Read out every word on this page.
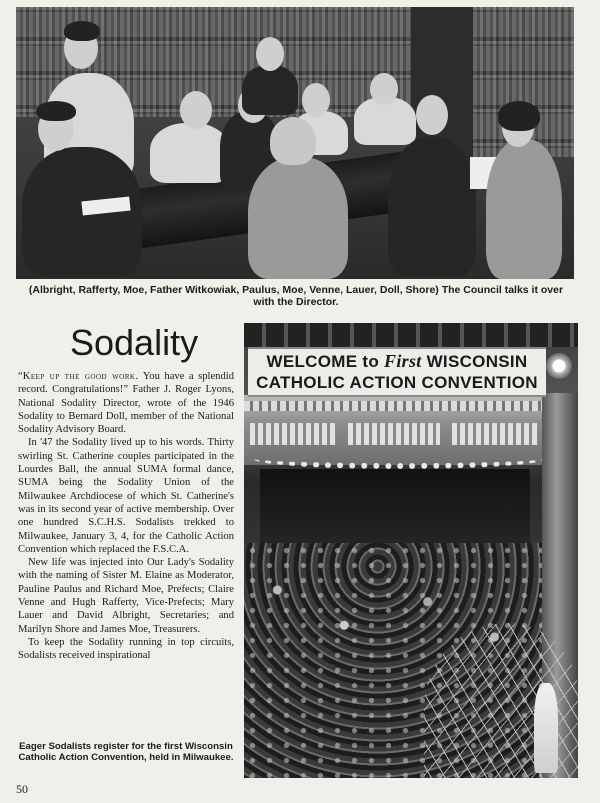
(Albright, Rafferty, Moe, Father Witkowiak, Paulus, Moe, Venne, Lauer, Doll, Shore) The Council talks it over with the Director.
Sodality

“Keep up the good work. You have a splendid record. Congratulations!” Father J. Roger Lyons, National Sodality Director, wrote of the 1946 Sodality to Bernard Doll, member of the National Sodality Advisory Board.

In '47 the Sodality lived up to his words. Thirty swirling St. Catherine couples participated in the Lourdes Ball, the annual SUMA formal dance, SUMA being the Sodality Union of the Milwaukee Archdiocese of which St. Catherine's was in its second year of active membership. Over one hundred S.C.H.S. Sodalists trekked to Milwaukee, January 3, 4, for the Catholic Action Convention which replaced the F.S.C.A.

New life was injected into Our Lady's Sodality with the naming of Sister M. Elaine as Moderator, Pauline Paulus and Richard Moe, Prefects; Claire Venne and Hugh Rafferty, Vice-Prefects; Mary Lauer and David Albright, Secretaries; and Marilyn Shore and James Moe, Treasurers.

To keep the Sodality running in top circuits, Sodalists received inspirational

Eager Sodalists register for the first Wisconsin Catholic Action Convention, held in Milwaukee.
50
WELCOME to First WISCONSIN
CATHOLIC ACTION CONVENTION
